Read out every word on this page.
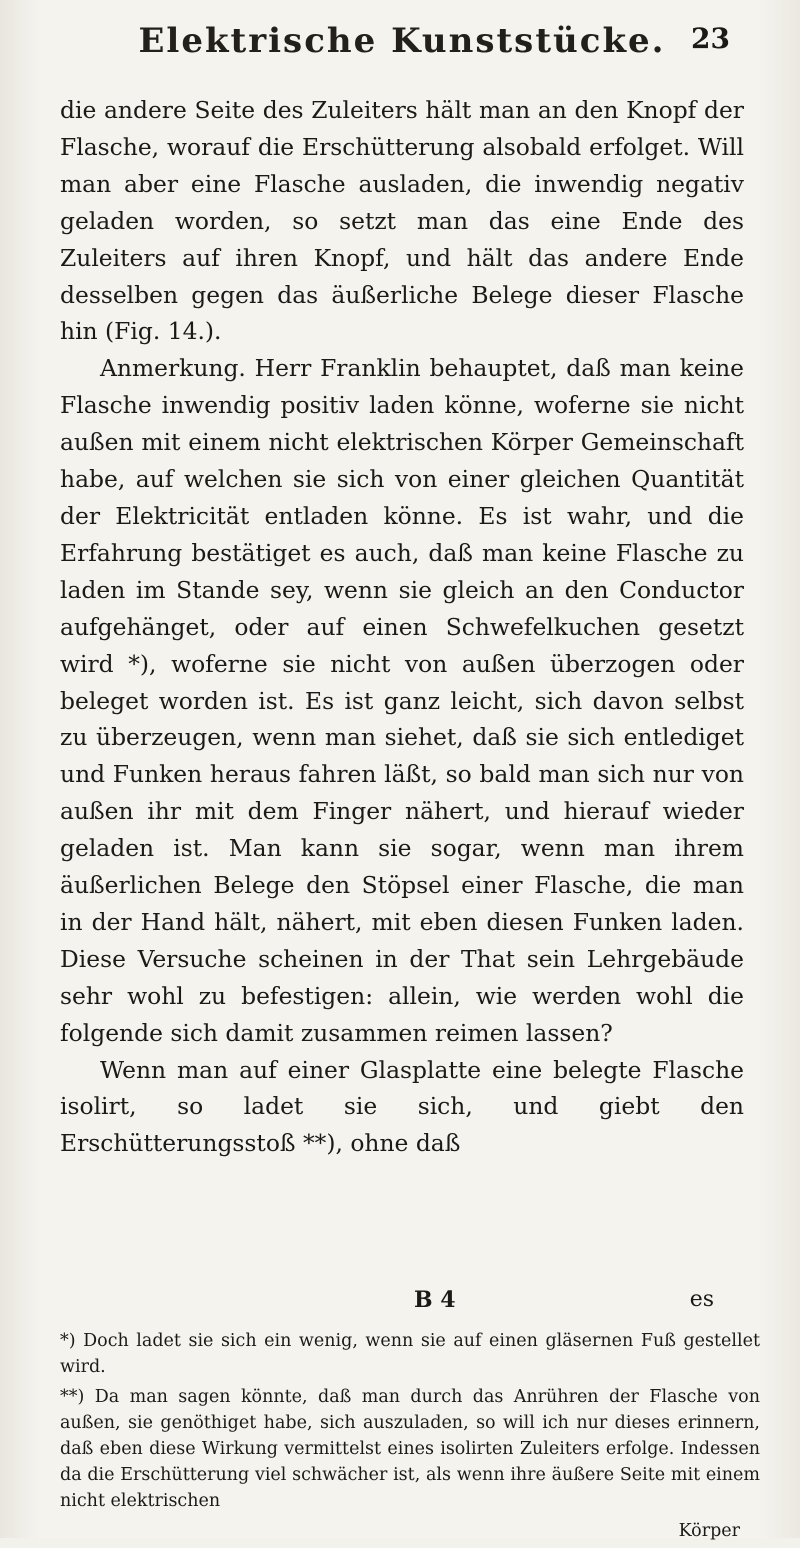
Elektrische Kunststücke. 23

die andere Seite des Zuleiters hält man an den Knopf der Flasche, worauf die Erschütterung alsobald erfolget. Will man aber eine Flasche ausladen, die inwendig negativ geladen worden, so setzt man das eine Ende des Zuleiters auf ihren Knopf, und hält das andere Ende desselben gegen das äußerliche Belege dieser Flasche hin (Fig. 14.).

Anmerkung. Herr Franklin behauptet, daß man keine Flasche inwendig positiv laden könne, woferne sie nicht außen mit einem nicht elektrischen Körper Gemeinschaft habe, auf welchen sie sich von einer gleichen Quantität der Elektricität entladen könne. Es ist wahr, und die Erfahrung bestätiget es auch, daß man keine Flasche zu laden im Stande sey, wenn sie gleich an den Conductor aufgehänget, oder auf einen Schwefelkuchen gesetzt wird *), woferne sie nicht von außen überzogen oder beleget worden ist. Es ist ganz leicht, sich davon selbst zu überzeugen, wenn man siehet, daß sie sich entlediget und Funken heraus fahren läßt, so bald man sich nur von außen ihr mit dem Finger nähert, und hierauf wieder geladen ist. Man kann sie sogar, wenn man ihrem äußerlichen Belege den Stöpsel einer Flasche, die man in der Hand hält, nähert, mit eben diesen Funken laden. Diese Versuche scheinen in der That sein Lehrgebäude sehr wohl zu befestigen: allein, wie werden wohl die folgende sich damit zusammen reimen lassen?

Wenn man auf einer Glasplatte eine belegte Flasche isolirt, so ladet sie sich, und giebt den Erschütterungsstoß **), ohne daß

B 4	es

*) Doch ladet sie sich ein wenig, wenn sie auf einen gläsernen Fuß gestellet wird.

**) Da man sagen könnte, daß man durch das Anrühren der Flasche von außen, sie genöthiget habe, sich auszuladen, so will ich nur dieses erinnern, daß eben diese Wirkung vermittelst eines isolirten Zuleiters erfolge. Indessen da die Erschütterung viel schwächer ist, als wenn ihre äußere Seite mit einem nicht elektrischen

Körper
